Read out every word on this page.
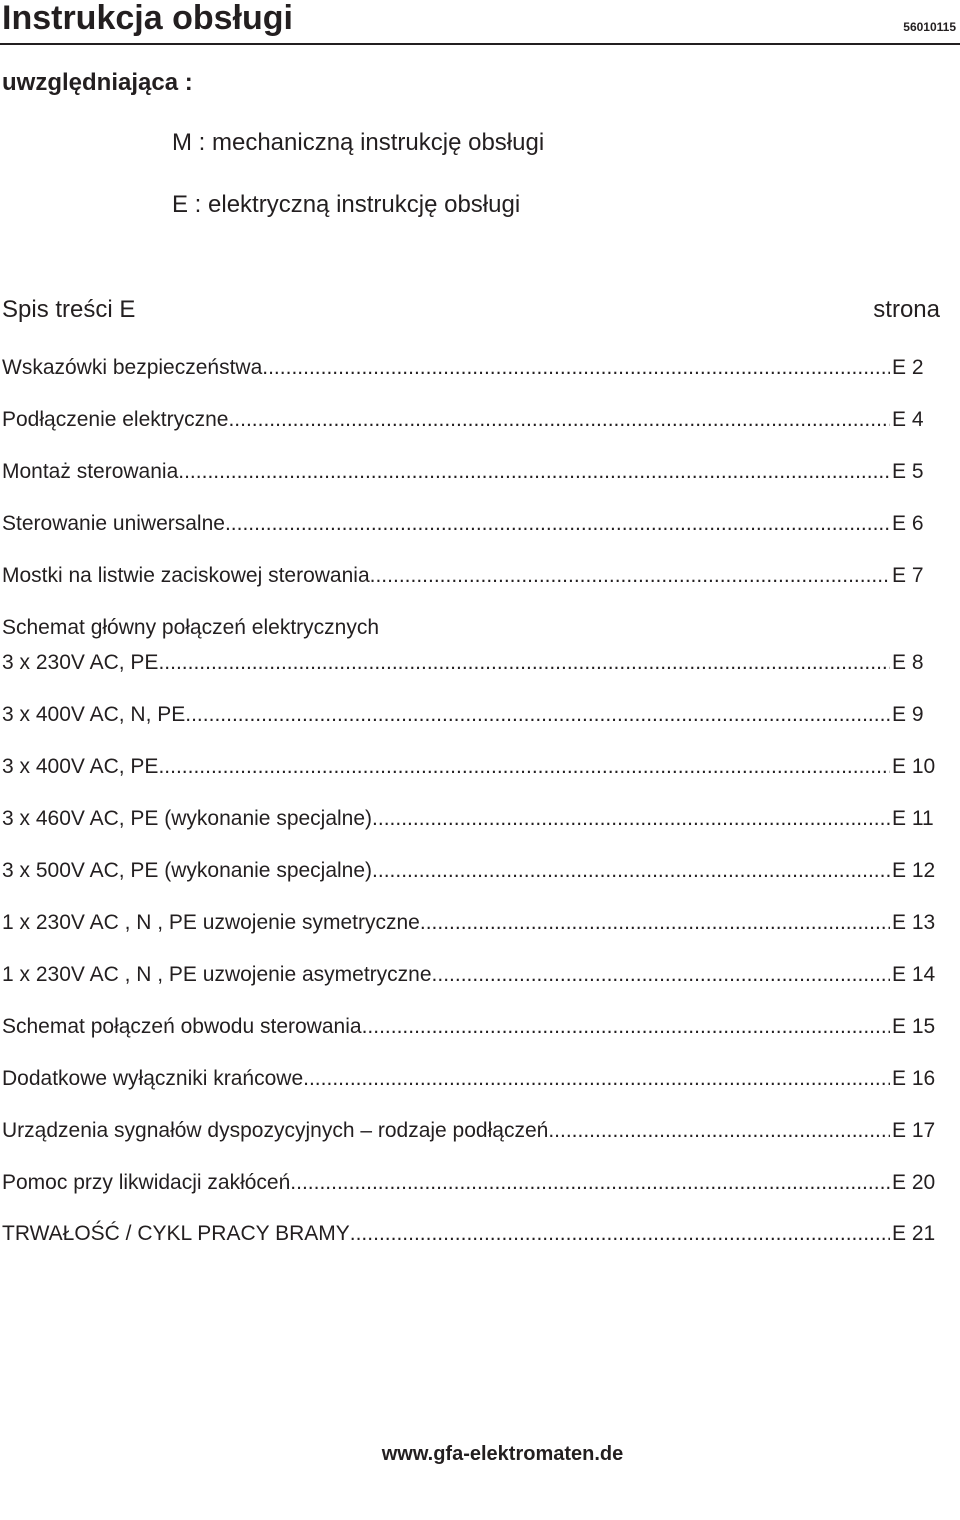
Instrukcja obsługi	56010115
uwzględniająca :
M : mechaniczną instrukcję obsługi
E : elektryczną instrukcję obsługi
Spis treści E	strona
Wskazówki bezpieczeństwa .....	E 2
Podłączenie elektryczne .....	E 4
Montaż sterowania .....	E 5
Sterowanie uniwersalne .....	E 6
Mostki na listwie zaciskowej sterowania .....	E 7
Schemat główny połączeń elektrycznych
3 x 230V AC, PE .....	E 8
3 x 400V AC, N, PE .....	E 9
3 x 400V AC, PE .....	E 10
3 x 460V AC, PE (wykonanie specjalne) .....	E 11
3 x 500V AC, PE (wykonanie specjalne) .....	E 12
1 x 230V AC , N , PE uzwojenie symetryczne .....	E 13
1 x 230V AC , N , PE uzwojenie asymetryczne .....	E 14
Schemat połączeń obwodu sterowania .....	E 15
Dodatkowe wyłączniki krańcowe .....	E 16
Urządzenia sygnałów dyspozycyjnych – rodzaje podłączeń .....	E 17
Pomoc przy likwidacji zakłóceń .....	E 20
TRWAŁOŚĆ / CYKL PRACY BRAMY .....	E 21
www.gfa-elektromaten.de
